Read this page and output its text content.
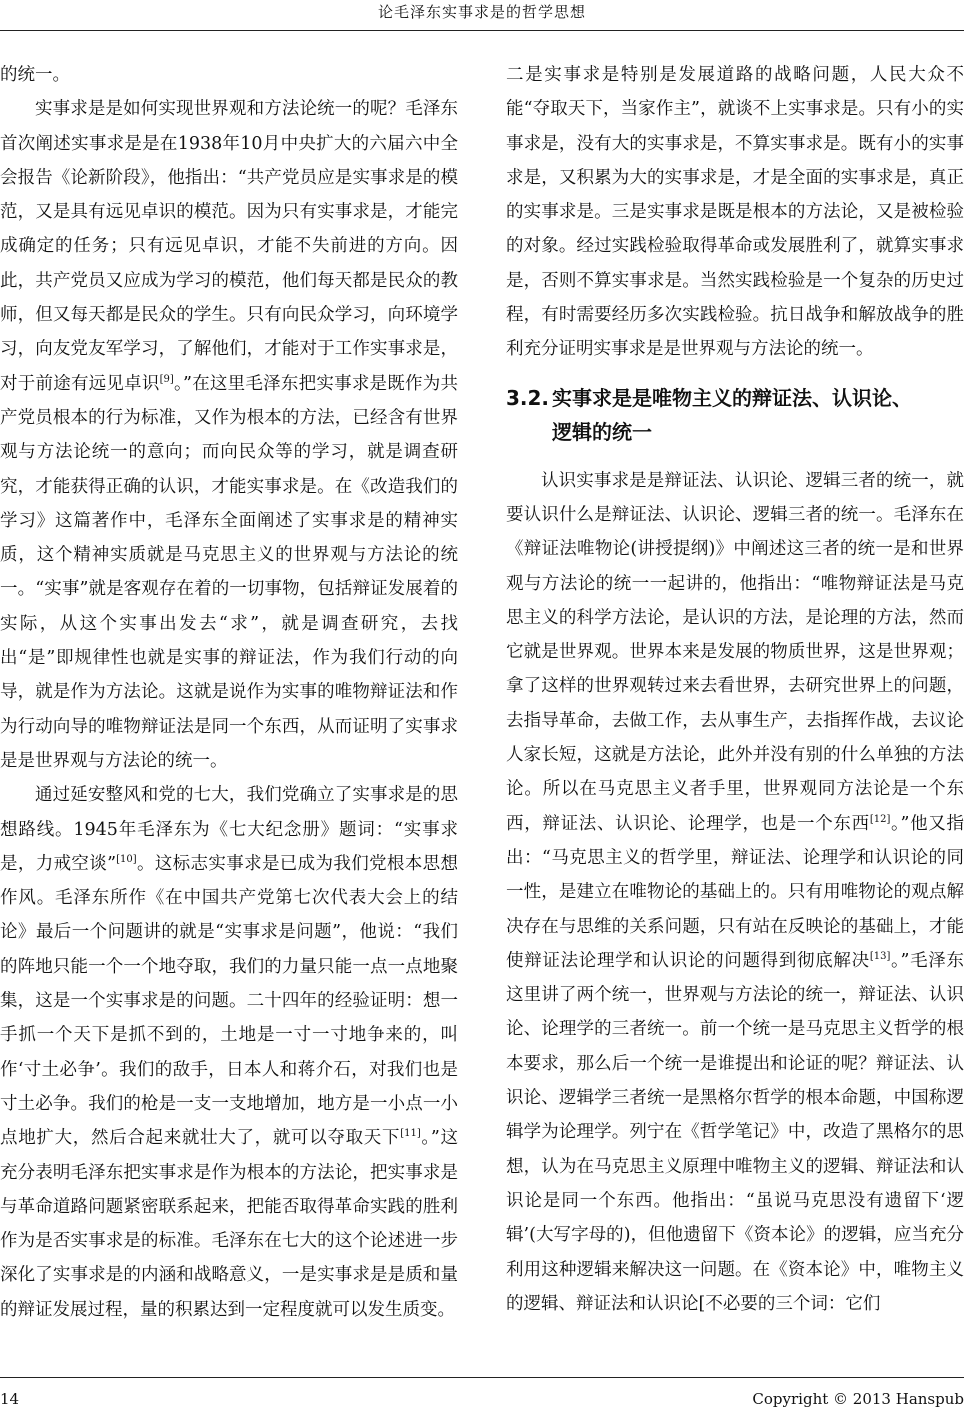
论毛泽东实事求是的哲学思想

的统一。

实事求是是如何实现世界观和方法论统一的呢？毛泽东首次阐述实事求是是在1938年10月中央扩大的六届六中全会报告《论新阶段》，他指出：“共产党员应是实事求是的模范，又是具有远见卓识的模范。因为只有实事求是，才能完成确定的任务；只有远见卓识，才能不失前进的方向。因此，共产党员又应成为学习的模范，他们每天都是民众的教师，但又每天都是民众的学生。只有向民众学习，向环境学习，向友党友军学习，了解他们，才能对于工作实事求是，对于前途有远见卓识[9]。”在这里毛泽东把实事求是既作为共产党员根本的行为标准，又作为根本的方法，已经含有世界观与方法论统一的意向；而向民众等的学习，就是调查研究，才能获得正确的认识，才能实事求是。在《改造我们的学习》这篇著作中，毛泽东全面阐述了实事求是的精神实质，这个精神实质就是马克思主义的世界观与方法论的统一。“实事”就是客观存在着的一切事物，包括辩证发展着的实际，从这个实事出发去“求”，就是调查研究，去找出“是”即规律性也就是实事的辩证法，作为我们行动的向导，就是作为方法论。这就是说作为实事的唯物辩证法和作为行动向导的唯物辩证法是同一个东西，从而证明了实事求是是世界观与方法论的统一。

通过延安整风和党的七大，我们党确立了实事求是的思想路线。1945年毛泽东为《七大纪念册》题词：“实事求是，力戒空谈”[10]。这标志实事求是已成为我们党根本思想作风。毛泽东所作《在中国共产党第七次代表大会上的结论》最后一个问题讲的就是“实事求是问题”，他说：“我们的阵地只能一个一个地夺取，我们的力量只能一点一点地聚集，这是一个实事求是的问题。二十四年的经验证明：想一手抓一个天下是抓不到的，土地是一寸一寸地争来的，叫作‘寸土必争’。我们的敌手，日本人和蒋介石，对我们也是寸土必争。我们的枪是一支一支地增加，地方是一小点一小点地扩大，然后合起来就壮大了，就可以夺取天下[11]。”这充分表明毛泽东把实事求是作为根本的方法论，把实事求是与革命道路问题紧密联系起来，把能否取得革命实践的胜利作为是否实事求是的标准。毛泽东在七大的这个论述进一步深化了实事求是的内涵和战略意义，一是实事求是是质和量的辩证发展过程，量的积累达到一定程度就可以发生质变。

二是实事求是特别是发展道路的战略问题，人民大众不能“夺取天下，当家作主”，就谈不上实事求是。只有小的实事求是，没有大的实事求是，不算实事求是。既有小的实事求是，又积累为大的实事求是，才是全面的实事求是，真正的实事求是。三是实事求是既是根本的方法论，又是被检验的对象。经过实践检验取得革命或发展胜利了，就算实事求是，否则不算实事求是。当然实践检验是一个复杂的历史过程，有时需要经历多次实践检验。抗日战争和解放战争的胜利充分证明实事求是是世界观与方法论的统一。

3.2. 实事求是是唯物主义的辩证法、认识论、
逻辑的统一

认识实事求是是辩证法、认识论、逻辑三者的统一，就要认识什么是辩证法、认识论、逻辑三者的统一。毛泽东在《辩证法唯物论(讲授提纲)》中阐述这三者的统一是和世界观与方法论的统一一起讲的，他指出：“唯物辩证法是马克思主义的科学方法论，是认识的方法，是论理的方法，然而它就是世界观。世界本来是发展的物质世界，这是世界观；拿了这样的世界观转过来去看世界，去研究世界上的问题，去指导革命，去做工作，去从事生产，去指挥作战，去议论人家长短，这就是方法论，此外并没有别的什么单独的方法论。所以在马克思主义者手里，世界观同方法论是一个东西，辩证法、认识论、论理学，也是一个东西[12]。”他又指出：“马克思主义的哲学里，辩证法、论理学和认识论的同一性，是建立在唯物论的基础上的。只有用唯物论的观点解决存在与思维的关系问题，只有站在反映论的基础上，才能使辩证法论理学和认识论的问题得到彻底解决[13]。”毛泽东这里讲了两个统一，世界观与方法论的统一，辩证法、认识论、论理学的三者统一。前一个统一是马克思主义哲学的根本要求，那么后一个统一是谁提出和论证的呢？辩证法、认识论、逻辑学三者统一是黑格尔哲学的根本命题，中国称逻辑学为论理学。列宁在《哲学笔记》中，改造了黑格尔的思想，认为在马克思主义原理中唯物主义的逻辑、辩证法和认识论是同一个东西。他指出：“虽说马克思没有遗留下‘逻辑’(大写字母的)，但他遗留下《资本论》的逻辑，应当充分利用这种逻辑来解决这一问题。在《资本论》中，唯物主义的逻辑、辩证法和认识论[不必要的三个词：它们

14	Copyright © 2013 Hanspub
